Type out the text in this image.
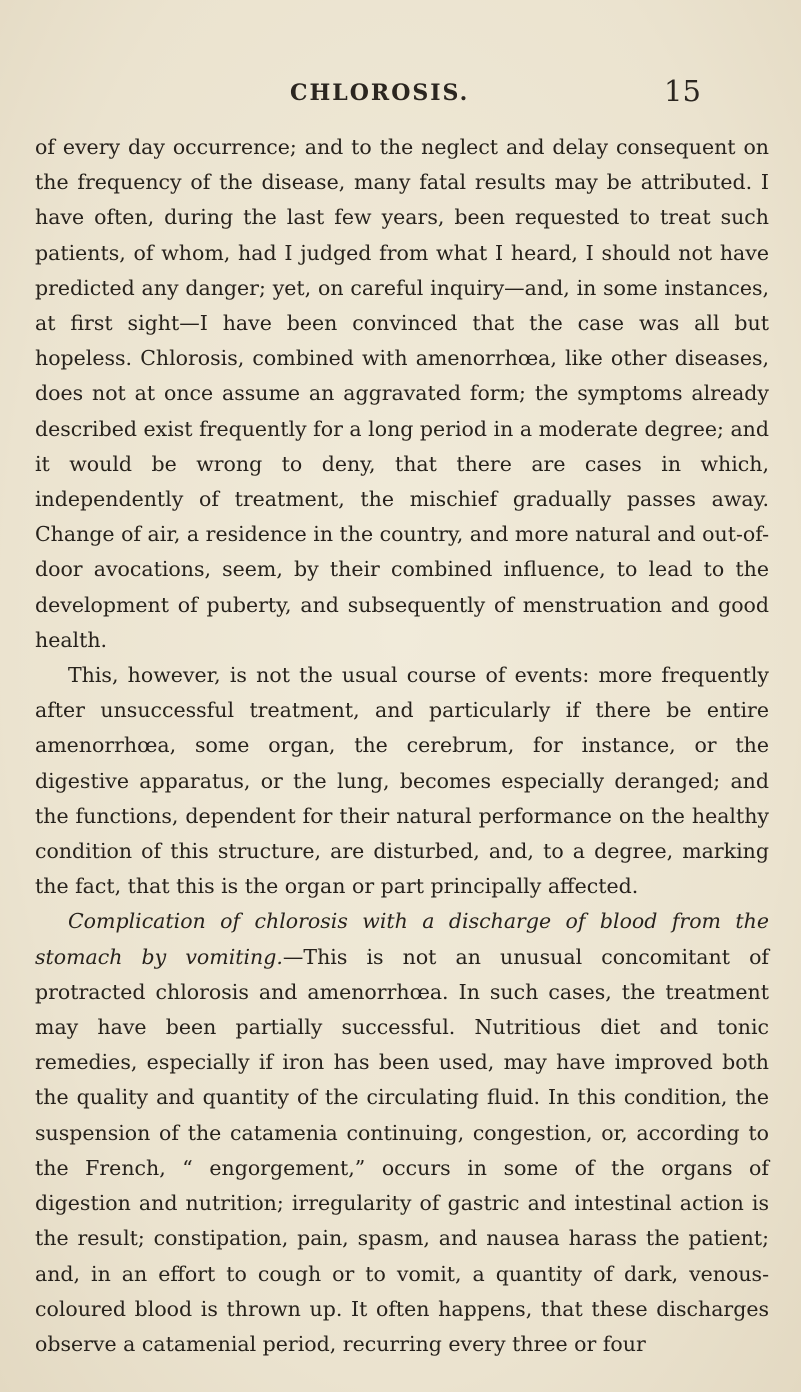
CHLOROSIS.	15

of every day occurrence; and to the neglect and delay consequent on the frequency of the disease, many fatal results may be attributed. I have often, during the last few years, been requested to treat such patients, of whom, had I judged from what I heard, I should not have predicted any danger; yet, on careful inquiry—and, in some instances, at first sight—I have been convinced that the case was all but hopeless. Chlorosis, combined with amenorrhœa, like other diseases, does not at once assume an aggravated form; the symptoms already described exist frequently for a long period in a moderate degree; and it would be wrong to deny, that there are cases in which, independently of treatment, the mischief gradually passes away. Change of air, a residence in the country, and more natural and out-of-door avocations, seem, by their combined influence, to lead to the development of puberty, and subsequently of menstruation and good health.

This, however, is not the usual course of events: more frequently after unsuccessful treatment, and particularly if there be entire amenorrhœa, some organ, the cerebrum, for instance, or the digestive apparatus, or the lung, becomes especially deranged; and the functions, dependent for their natural performance on the healthy condition of this structure, are disturbed, and, to a degree, marking the fact, that this is the organ or part principally affected.

Complication of chlorosis with a discharge of blood from the stomach by vomiting.—This is not an unusual concomitant of protracted chlorosis and amenorrhœa. In such cases, the treatment may have been partially successful. Nutritious diet and tonic remedies, especially if iron has been used, may have improved both the quality and quantity of the circulating fluid. In this condition, the suspension of the catamenia continuing, congestion, or, according to the French, “ engorgement,” occurs in some of the organs of digestion and nutrition; irregularity of gastric and intestinal action is the result; constipation, pain, spasm, and nausea harass the patient; and, in an effort to cough or to vomit, a quantity of dark, venous-coloured blood is thrown up. It often happens, that these discharges observe a catamenial period, recurring every three or four
